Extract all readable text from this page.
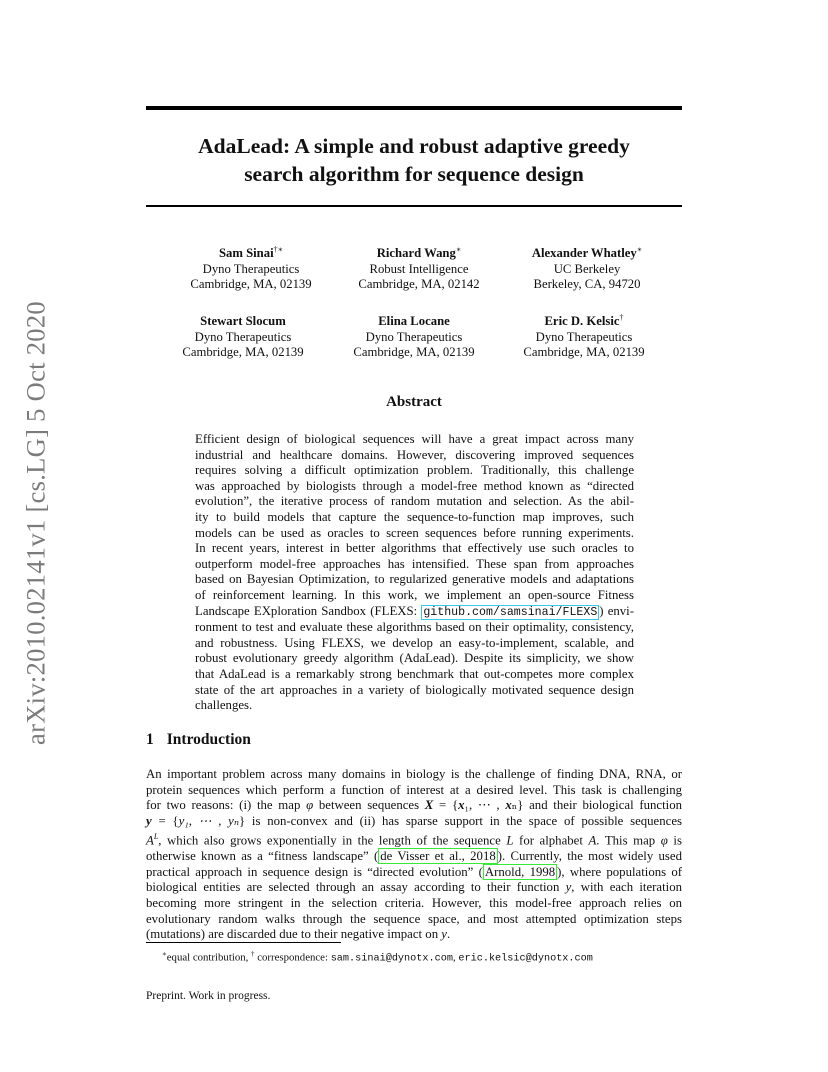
arXiv:2010.02141v1 [cs.LG] 5 Oct 2020
AdaLead: A simple and robust adaptive greedy
search algorithm for sequence design
Sam Sinai†∗
Dyno Therapeutics
Cambridge, MA, 02139
Richard Wang∗
Robust Intelligence
Cambridge, MA, 02142
Alexander Whatley∗
UC Berkeley
Berkeley, CA, 94720
Stewart Slocum
Dyno Therapeutics
Cambridge, MA, 02139
Elina Locane
Dyno Therapeutics
Cambridge, MA, 02139
Eric D. Kelsic†
Dyno Therapeutics
Cambridge, MA, 02139
Abstract
Efficient design of biological sequences will have a great impact across many
industrial and healthcare domains. However, discovering improved sequences
requires solving a difficult optimization problem. Traditionally, this challenge
was approached by biologists through a model-free method known as “directed
evolution”, the iterative process of random mutation and selection. As the abil-
ity to build models that capture the sequence-to-function map improves, such
models can be used as oracles to screen sequences before running experiments.
In recent years, interest in better algorithms that effectively use such oracles to
outperform model-free approaches has intensified. These span from approaches
based on Bayesian Optimization, to regularized generative models and adaptations
of reinforcement learning. In this work, we implement an open-source Fitness
Landscape EXploration Sandbox (FLEXS: github.com/samsinai/FLEXS ) envi-
ronment to test and evaluate these algorithms based on their optimality, consistency,
and robustness. Using FLEXS, we develop an easy-to-implement, scalable, and
robust evolutionary greedy algorithm (AdaLead). Despite its simplicity, we show
that AdaLead is a remarkably strong benchmark that out-competes more complex
state of the art approaches in a variety of biologically motivated sequence design
challenges.
1 Introduction
An important problem across many domains in biology is the challenge of finding DNA, RNA, or
protein sequences which perform a function of interest at a desired level. This task is challenging
for two reasons: (i) the map φ between sequences X = {x₁, ⋯ , xₙ} and their biological function
y = {y₁, ⋯ , yₙ} is non-convex and (ii) has sparse support in the space of possible sequences
$A^L$, which also grows exponentially in the length of the sequence L for alphabet A. This map φ is
otherwise known as a “fitness landscape” ( de Visser et al., 2018 ). Currently, the most widely used
practical approach in sequence design is “directed evolution” ( Arnold, 1998 ), where populations of
biological entities are selected through an assay according to their function y, with each iteration
becoming more stringent in the selection criteria. However, this model-free approach relies on
evolutionary random walks through the sequence space, and most attempted optimization steps
(mutations) are discarded due to their negative impact on y.
∗equal contribution, † correspondence: sam.sinai@dynotx.com, eric.kelsic@dynotx.com
Preprint. Work in progress.
